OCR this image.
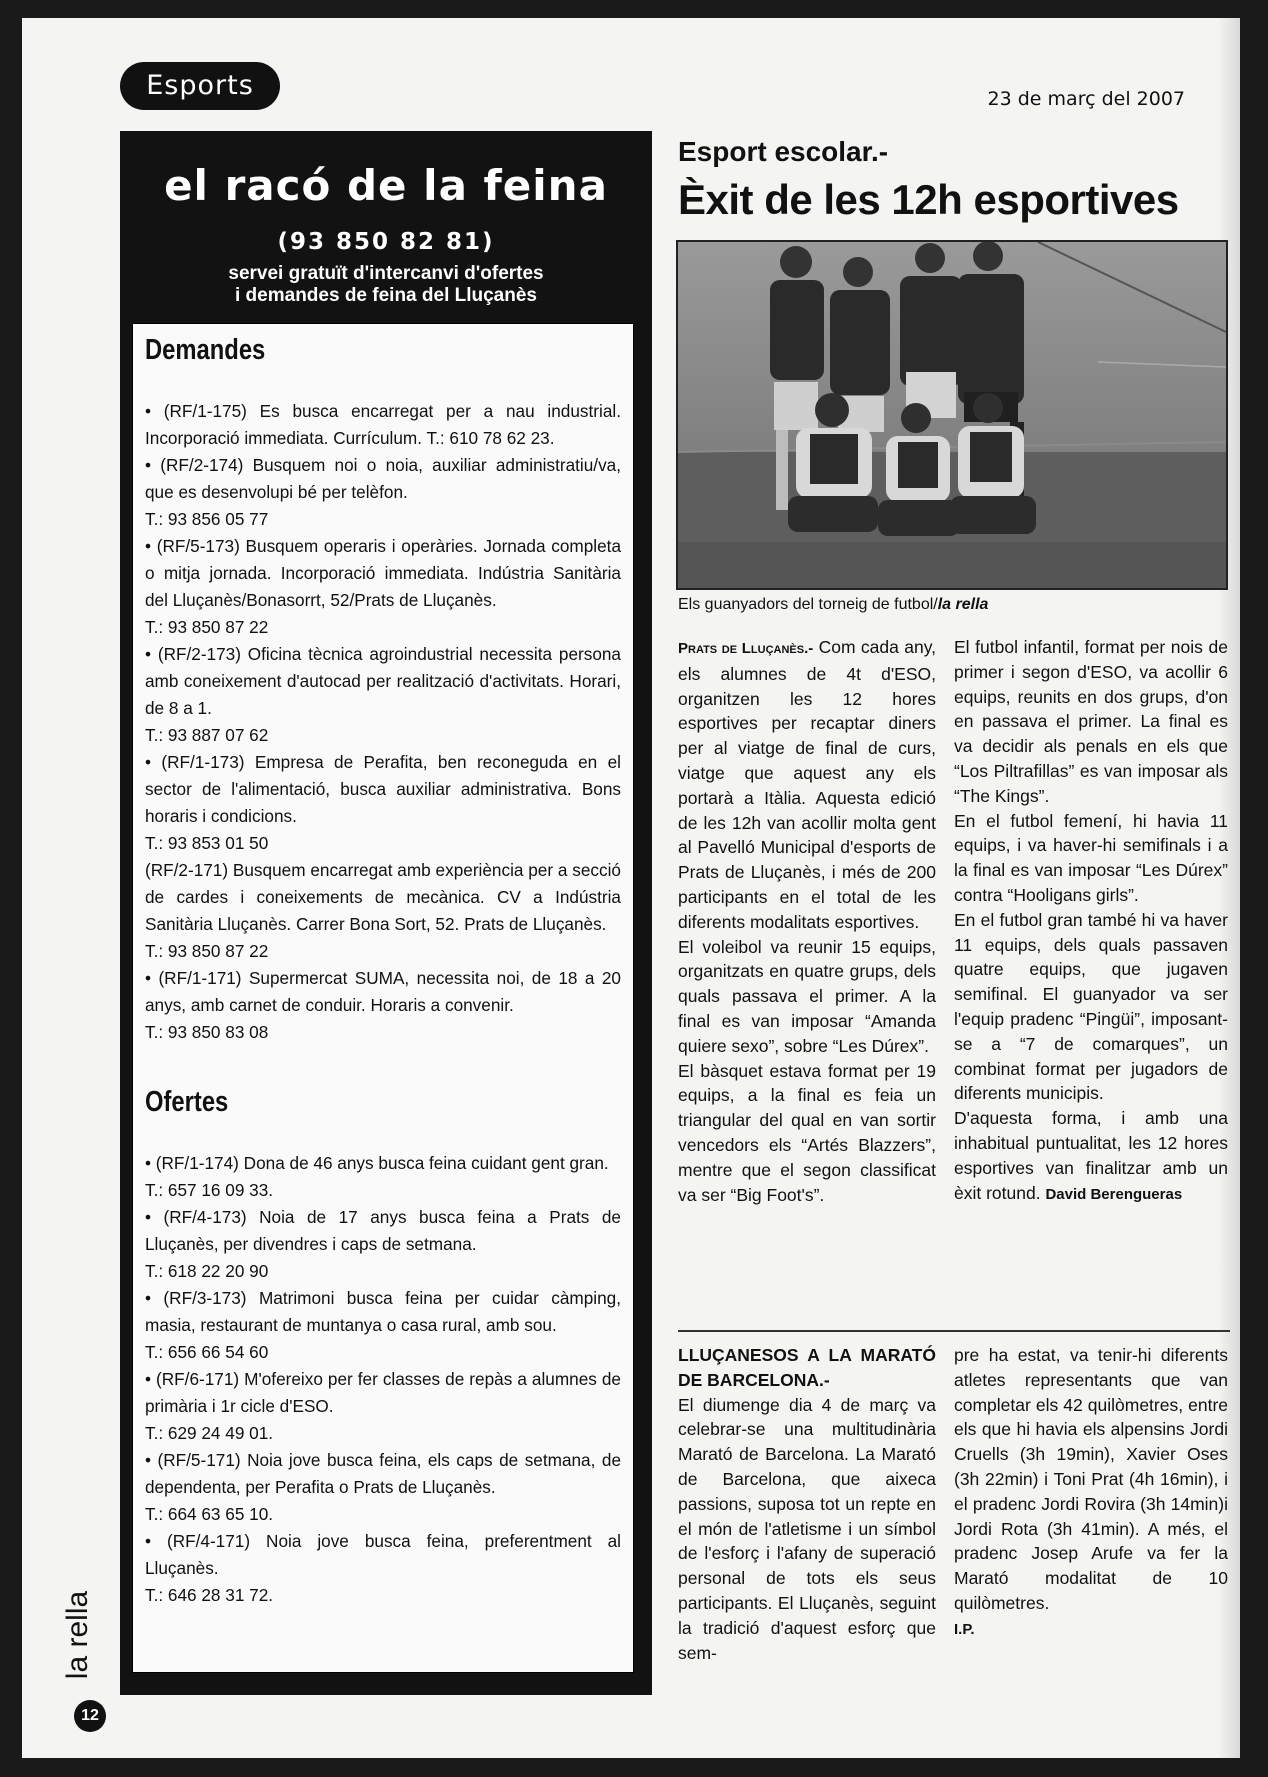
Esports	23 de març del 2007
el racó de la feina
(93 850 82 81)
servei gratuït d'intercanvi d'ofertes
i demandes de feina del Lluçanès
Demandes

• (RF/1-175) Es busca encarregat per a nau industrial. Incorporació immediata. Currículum. T.: 610 78 62 23.

• (RF/2-174) Busquem noi o noia, auxiliar administratiu/va, que es desenvolupi bé per telèfon.

T.: 93 856 05 77

• (RF/5-173) Busquem operaris i operàries. Jornada completa o mitja jornada. Incorporació immediata. Indústria Sanitària del Lluçanès/Bonasorrt, 52/Prats de Lluçanès.

T.: 93 850 87 22

• (RF/2-173) Oficina tècnica agroindustrial necessita persona amb coneixement d'autocad per realització d'activitats. Horari, de 8 a 1.

T.: 93 887 07 62

• (RF/1-173) Empresa de Perafita, ben reconeguda en el sector de l'alimentació, busca auxiliar administrativa. Bons horaris i condicions.

T.: 93 853 01 50

(RF/2-171) Busquem encarregat amb experiència per a secció de cardes i coneixements de mecànica. CV a Indústria Sanitària Lluçanès. Carrer Bona Sort, 52. Prats de Lluçanès.

T.: 93 850 87 22

• (RF/1-171) Supermercat SUMA, necessita noi, de 18 a 20 anys, amb carnet de conduir. Horaris a convenir.

T.: 93 850 83 08

Ofertes

• (RF/1-174) Dona de 46 anys busca feina cuidant gent gran.

T.: 657 16 09 33.

• (RF/4-173) Noia de 17 anys busca feina a Prats de Lluçanès, per divendres i caps de setmana.

T.: 618 22 20 90

• (RF/3-173) Matrimoni busca feina per cuidar càmping, masia, restaurant de muntanya o casa rural, amb sou.

T.: 656 66 54 60

• (RF/6-171) M'ofereixo per fer classes de repàs a alumnes de primària i 1r cicle d'ESO.

T.: 629 24 49 01.

• (RF/5-171) Noia jove busca feina, els caps de setmana, de dependenta, per Perafita o Prats de Lluçanès.

T.: 664 63 65 10.

• (RF/4-171) Noia jove busca feina, preferentment al Lluçanès.

T.: 646 28 31 72.

Esport escolar.-
Èxit de les 12h esportives
Els guanyadors del torneig de futbol/la rella

Prats de Lluçanès.- Com cada any, els alumnes de 4t d'ESO, organitzen les 12 hores esportives per recaptar diners per al viatge de final de curs, viatge que aquest any els portarà a Itàlia. Aquesta edició de les 12h van acollir molta gent al Pavelló Municipal d'esports de Prats de Lluçanès, i més de 200 participants en el total de les diferents modalitats esportives.

El voleibol va reunir 15 equips, organitzats en quatre grups, dels quals passava el primer. A la final es van imposar “Amanda quiere sexo”, sobre “Les Dúrex”.

El bàsquet estava format per 19 equips, a la final es feia un triangular del qual en van sortir vencedors els “Artés Blazzers”, mentre que el segon classificat va ser “Big Foot's”.

El futbol infantil, format per nois de primer i segon d'ESO, va acollir 6 equips, reunits en dos grups, d'on en passava el primer. La final es va decidir als penals en els que “Los Piltrafillas” es van imposar als “The Kings”.

En el futbol femení, hi havia 11 equips, i va haver-hi semifinals i a la final es van imposar “Les Dúrex” contra “Hooligans girls”.

En el futbol gran també hi va haver 11 equips, dels quals passaven quatre equips, que jugaven semifinal. El guanyador va ser l'equip pradenc “Pingüi”, imposant-se a “7 de comarques”, un combinat format per jugadors de diferents municipis.

D'aquesta forma, i amb una inhabitual puntualitat, les 12 hores esportives van finalitzar amb un èxit rotund. David Berengueras

LLUÇANESOS A LA MARATÓ DE BARCELONA.-

El diumenge dia 4 de març va celebrar-se una multitudinària Marató de Barcelona. La Marató de Barcelona, que aixeca passions, suposa tot un repte en el món de l'atletisme i un símbol de l'esforç i l'afany de superació personal de tots els seus participants. El Lluçanès, seguint la tradició d'aquest esforç que sem-

pre ha estat, va tenir-hi diferents atletes representants que van completar els 42 quilòmetres, entre els que hi havia els alpensins Jordi Cruells (3h 19min), Xavier Oses (3h 22min) i Toni Prat (4h 16min), i el pradenc Jordi Rovira (3h 14min)i Jordi Rota (3h 41min). A més, el pradenc Josep Arufe va fer la Marató modalitat de 10 quilòmetres.
I.P.

la rella
12
